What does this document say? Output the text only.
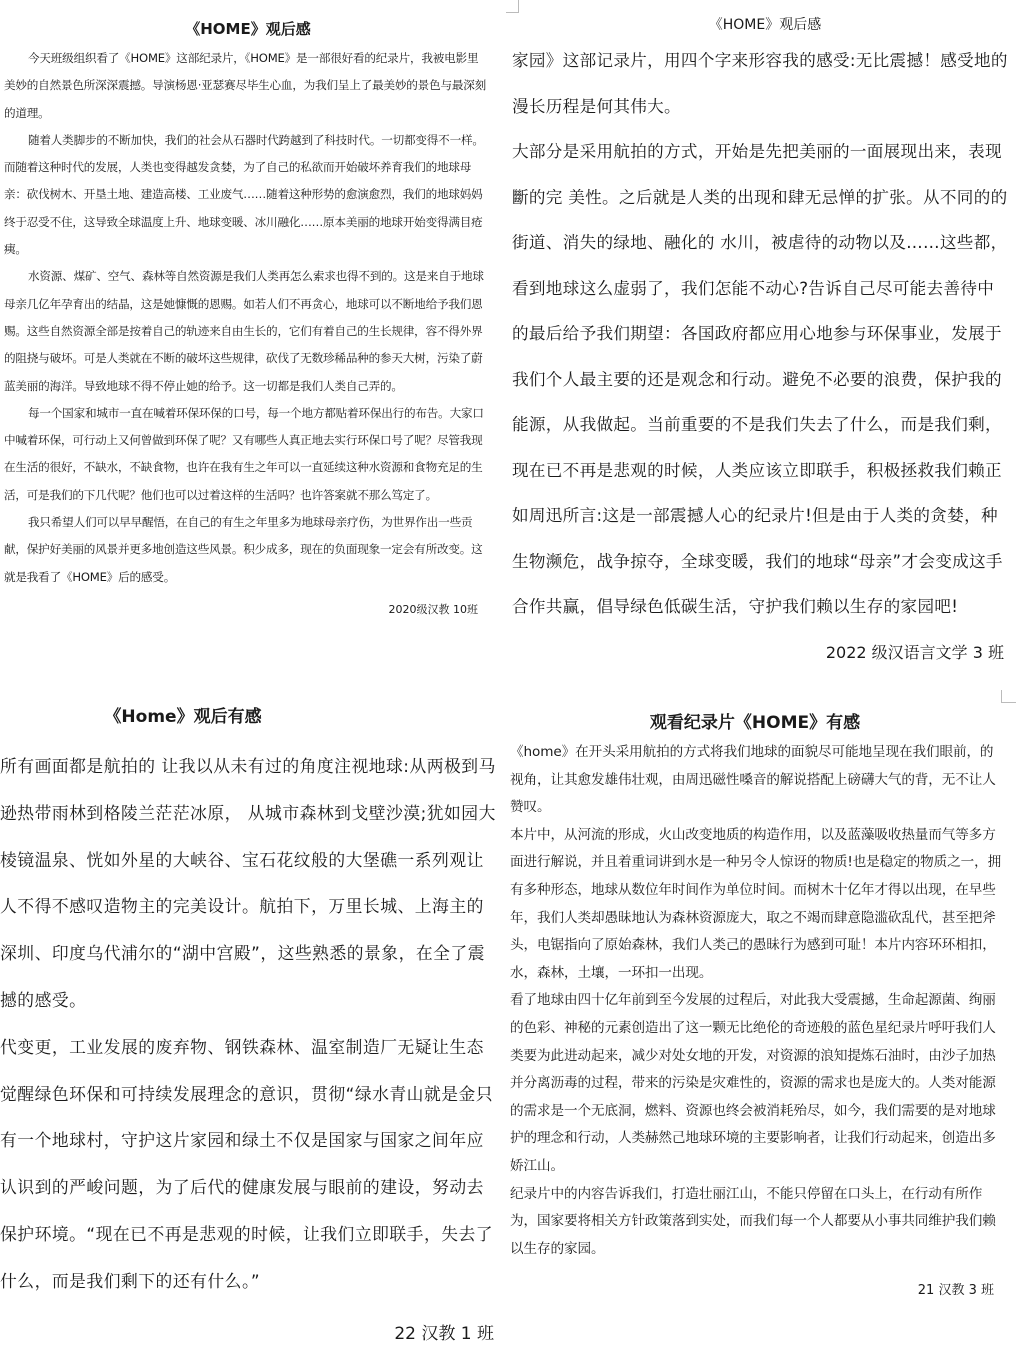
《HOME》观后感

今天班级组织看了《HOME》这部纪录片，《HOME》是一部很好看的纪录片，我被电影里美妙的自然景色所深深震撼。导演杨恩·亚瑟赛尽毕生心血，为我们呈上了最美妙的景色与最深刻的道理。

随着人类脚步的不断加快，我们的社会从石器时代跨越到了科技时代。一切都变得不一样。而随着这种时代的发展，人类也变得越发贪婪，为了自己的私欲而开始破坏养育我们的地球母亲：砍伐树木、开垦土地、建造高楼、工业废气……随着这种形势的愈演愈烈，我们的地球妈妈终于忍受不住，这导致全球温度上升、地球变暖、冰川融化……原本美丽的地球开始变得满目疮痍。

水资源、煤矿、空气、森林等自然资源是我们人类再怎么索求也得不到的。这是来自于地球母亲几亿年孕育出的结晶，这是她慷慨的恩赐。如若人们不再贪心，地球可以不断地给予我们恩赐。这些自然资源全部是按着自己的轨迹来自由生长的，它们有着自己的生长规律，容不得外界的阻挠与破坏。可是人类就在不断的破坏这些规律，砍伐了无数珍稀品种的参天大树，污染了蔚蓝美丽的海洋。导致地球不得不停止她的给予。这一切都是我们人类自己弄的。

每一个国家和城市一直在喊着环保环保的口号，每一个地方都贴着环保出行的布告。大家口中喊着环保，可行动上又何曾做到环保了呢？又有哪些人真正地去实行环保口号了呢？尽管我现在生活的很好，不缺水，不缺食物，也许在我有生之年可以一直延续这种水资源和食物充足的生活，可是我们的下几代呢？他们也可以过着这样的生活吗？也许答案就不那么笃定了。

我只希望人们可以早早醒悟，在自己的有生之年里多为地球母亲疗伤，为世界作出一些贡献，保护好美丽的风景并更多地创造这些风景。积少成多，现在的负面现象一定会有所改变。这就是我看了《HOME》后的感受。

2020级汉教 10班
《HOME》观后感

家园》这部记录片，用四个字来形容我的感受:无比震撼！感受地的漫长历程是何其伟大。

大部分是采用航拍的方式，开始是先把美丽的一面展现出来，表现斷的完 美性。之后就是人类的出现和肆无忌惮的扩张。从不同的的街道、消失的绿地、融化的 水川，被虐待的动物以及……这些都，看到地球这么虚弱了，我们怎能不动心?告诉自己尽可能去善待中的最后给予我们期望：各国政府都应用心地参与环保事业，发展于我们个人最主要的还是观念和行动。避免不必要的浪费，保护我的能源，从我做起。当前重要的不是我们失去了什么，而是我们剩，现在已不再是悲观的时候，人类应该立即联手，积极拯救我们赖正如周迅所言:这是一部震撼人心的纪录片!但是由于人类的贪婪，种生物濒危，战争掠夺，全球变暖，我们的地球“母亲”才会变成这手合作共赢，倡导绿色低碳生活，守护我们赖以生存的家园吧!

2022 级汉语言文学 3 班
《Home》观后有感

所有画面都是航拍的 让我以从未有过的角度注视地球:从两极到马逊热带雨林到格陵兰茫茫冰原， 从城市森林到戈壁沙漠;犹如园大棱镜温泉、恍如外星的大峡谷、宝石花纹般的大堡礁一系列观让人不得不感叹造物主的完美设计。航拍下，万里长城、上海主的深圳、印度乌代浦尔的“湖中宫殿”，这些熟悉的景象，在全了震撼的感受。

代变更，工业发展的废弃物、钢铁森林、温室制造厂无疑让生态觉醒绿色环保和可持续发展理念的意识，贯彻“绿水青山就是金只有一个地球村，守护这片家园和绿土不仅是国家与国家之间年应认识到的严峻问题，为了后代的健康发展与眼前的建设，努动去保护环境。“现在已不再是悲观的时候，让我们立即联手，失去了什么，而是我们剩下的还有什么。”

22 汉教 1 班
观看纪录片《HOME》有感

《home》在开头采用航拍的方式将我们地球的面貌尽可能地呈现在我们眼前，的视角，让其愈发雄伟壮观，由周迅磁性嗓音的解说搭配上磅礴大气的背，无不让人赞叹。

本片中，从河流的形成，火山改变地质的构造作用，以及蓝藻吸收热量而气等多方面进行解说，并且着重词讲到水是一种另令人惊讶的物质!也是稳定的物质之一，拥有多种形态，地球从数位年时间作为单位时间。而树木十亿年才得以出现，在早些年，我们人类却愚昧地认为森林资源庞大，取之不竭而肆意隐滥砍乱代，甚至把斧头，电锯指向了原始森林，我们人类己的愚昧行为感到可耻！本片内容环环相扣，水，森林，土壤，一环扣一出现。

看了地球由四十亿年前到至今发展的过程后，对此我大受震撼，生命起源菌、绚丽的色彩、神秘的元素创造出了这一颗无比绝伦的奇迹般的蓝色星纪录片呼吁我们人类要为此进动起来，减少对处女地的开发，对资源的浪知提炼石油时，由沙子加热并分离沥毒的过程，带来的污染是灾难性的，资源的需求也是庞大的。人类对能源的需求是一个无底洞，燃料、资源也终会被消耗殆尽，如今，我们需要的是对地球护的理念和行动，人类赫然己地球环境的主要影响者，让我们行动起来，创造出多娇江山。

纪录片中的内容告诉我们，打造壮丽江山，不能只停留在口头上，在行动有所作为，国家要将相关方针政策落到实处，而我们每一个人都要从小事共同维护我们赖以生存的家园。

21 汉教 3 班
